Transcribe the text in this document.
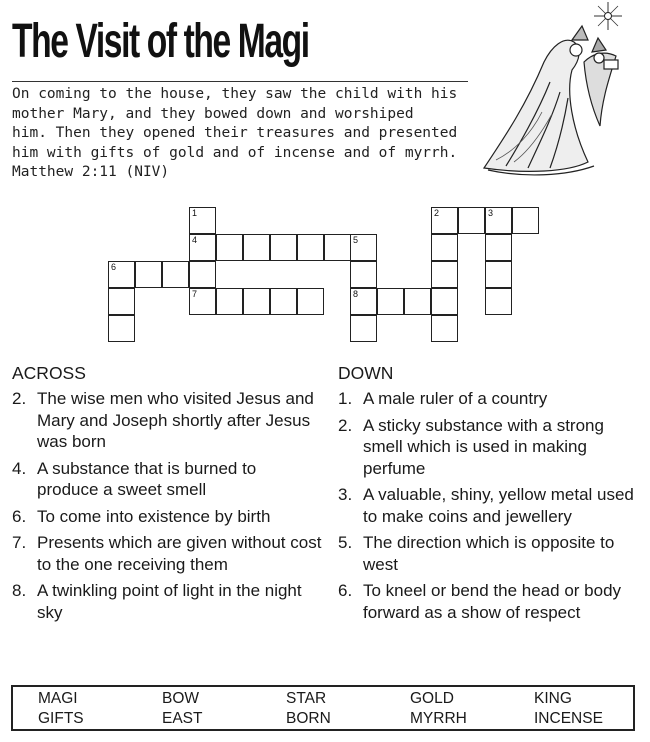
The Visit of the Magi
On coming to the house, they saw the child with his
mother Mary, and they bowed down and worshiped
him. Then they opened their treasures and presented
him with gifts of gold and of incense and of myrrh.
Matthew 2:11 (NIV)
1	2	3
4	5
6
7	8
ACROSS
2. The wise men who visited Jesus and Mary and Joseph shortly after Jesus was born
4. A substance that is burned to produce a sweet smell
6. To come into existence by birth
7. Presents which are given without cost to the one receiving them
8. A twinkling point of light in the night sky
DOWN
1. A male ruler of a country
2. A sticky substance with a strong smell which is used in making perfume
3. A valuable, shiny, yellow metal used to make coins and jewellery
5. The direction which is opposite to west
6. To kneel or bend the head or body forward as a show of respect
MAGI	BOW	STAR	GOLD	KING
GIFTS	EAST	BORN	MYRRH	INCENSE
